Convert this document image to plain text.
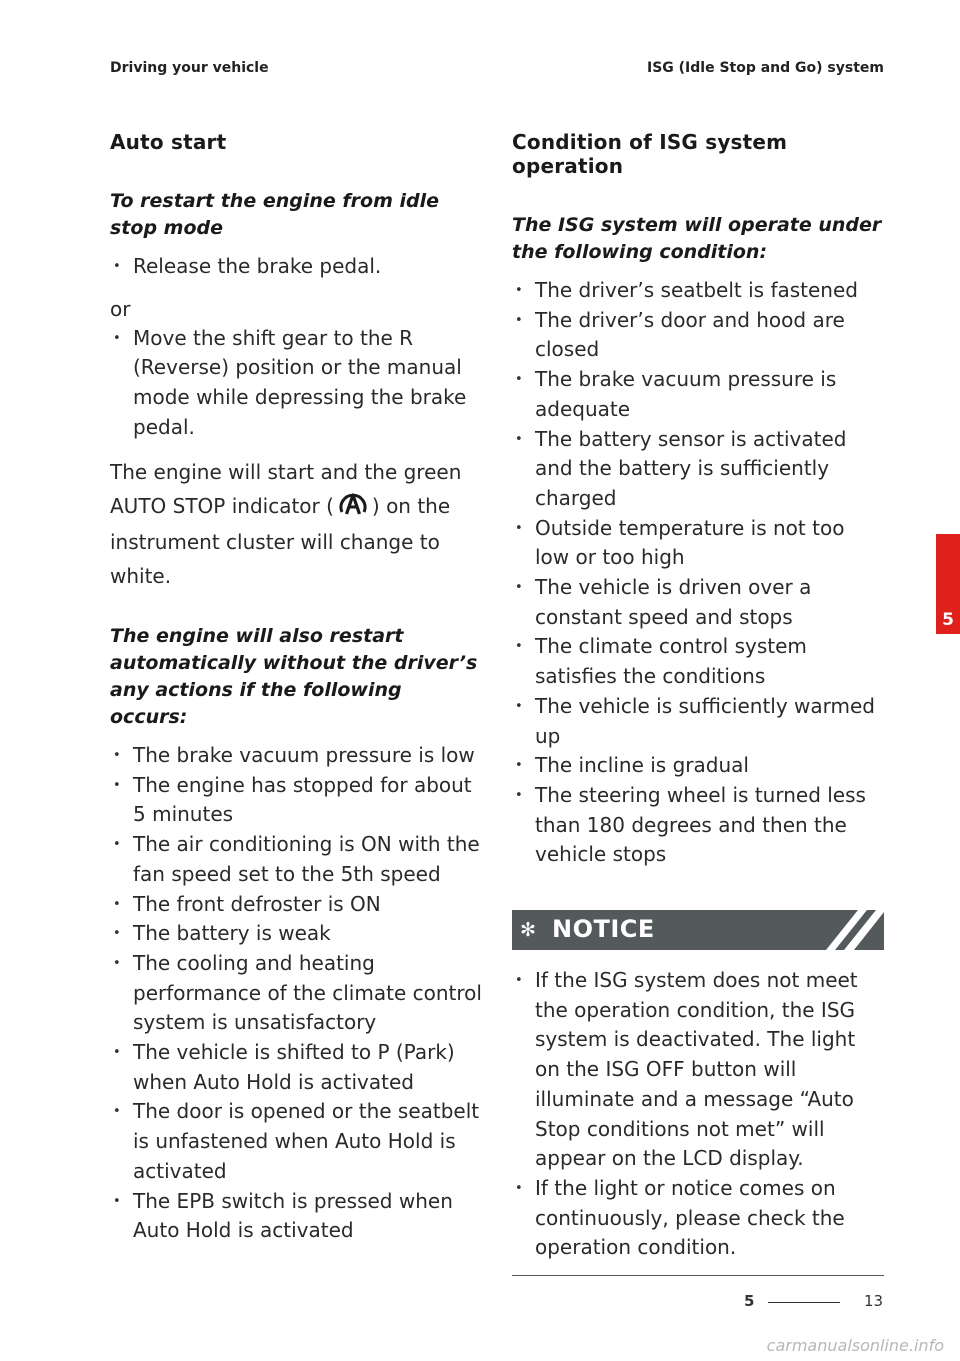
Driving your vehicle	ISG (Idle Stop and Go) system
Auto start
To restart the engine from idle stop mode
• Release the brake pedal.

or

• Move the shift gear to the R (Reverse) position or the manual mode while depressing the brake pedal.

The engine will start and the green AUTO STOP indicator ( ) on the instrument cluster will change to white.

The engine will also restart automatically without the driver’s any actions if the following occurs:
• The brake vacuum pressure is low
• The engine has stopped for about 5 minutes
• The air conditioning is ON with the fan speed set to the 5th speed
• The front defroster is ON
• The battery is weak
• The cooling and heating performance of the climate control system is unsatisfactory
• The vehicle is shifted to P (Park) when Auto Hold is activated
• The door is opened or the seatbelt is unfastened when Auto Hold is activated
• The EPB switch is pressed when Auto Hold is activated
Condition of ISG system operation
The ISG system will operate under the following condition:
• The driver’s seatbelt is fastened
• The driver’s door and hood are closed
• The brake vacuum pressure is adequate
• The battery sensor is activated and the battery is sufficiently charged
• Outside temperature is not too low or too high
• The vehicle is driven over a constant speed and stops
• The climate control system satisfies the conditions
• The vehicle is sufficiently warmed up
• The incline is gradual
• The steering wheel is turned less than 180 degrees and then the vehicle stops
✻ NOTICE
• If the ISG system does not meet the operation condition, the ISG system is deactivated. The light on the ISG OFF button will illuminate and a message “Auto Stop conditions not met” will appear on the LCD display.
• If the light or notice comes on continuously, please check the operation condition.
5
5	13
carmanualsonline.info
